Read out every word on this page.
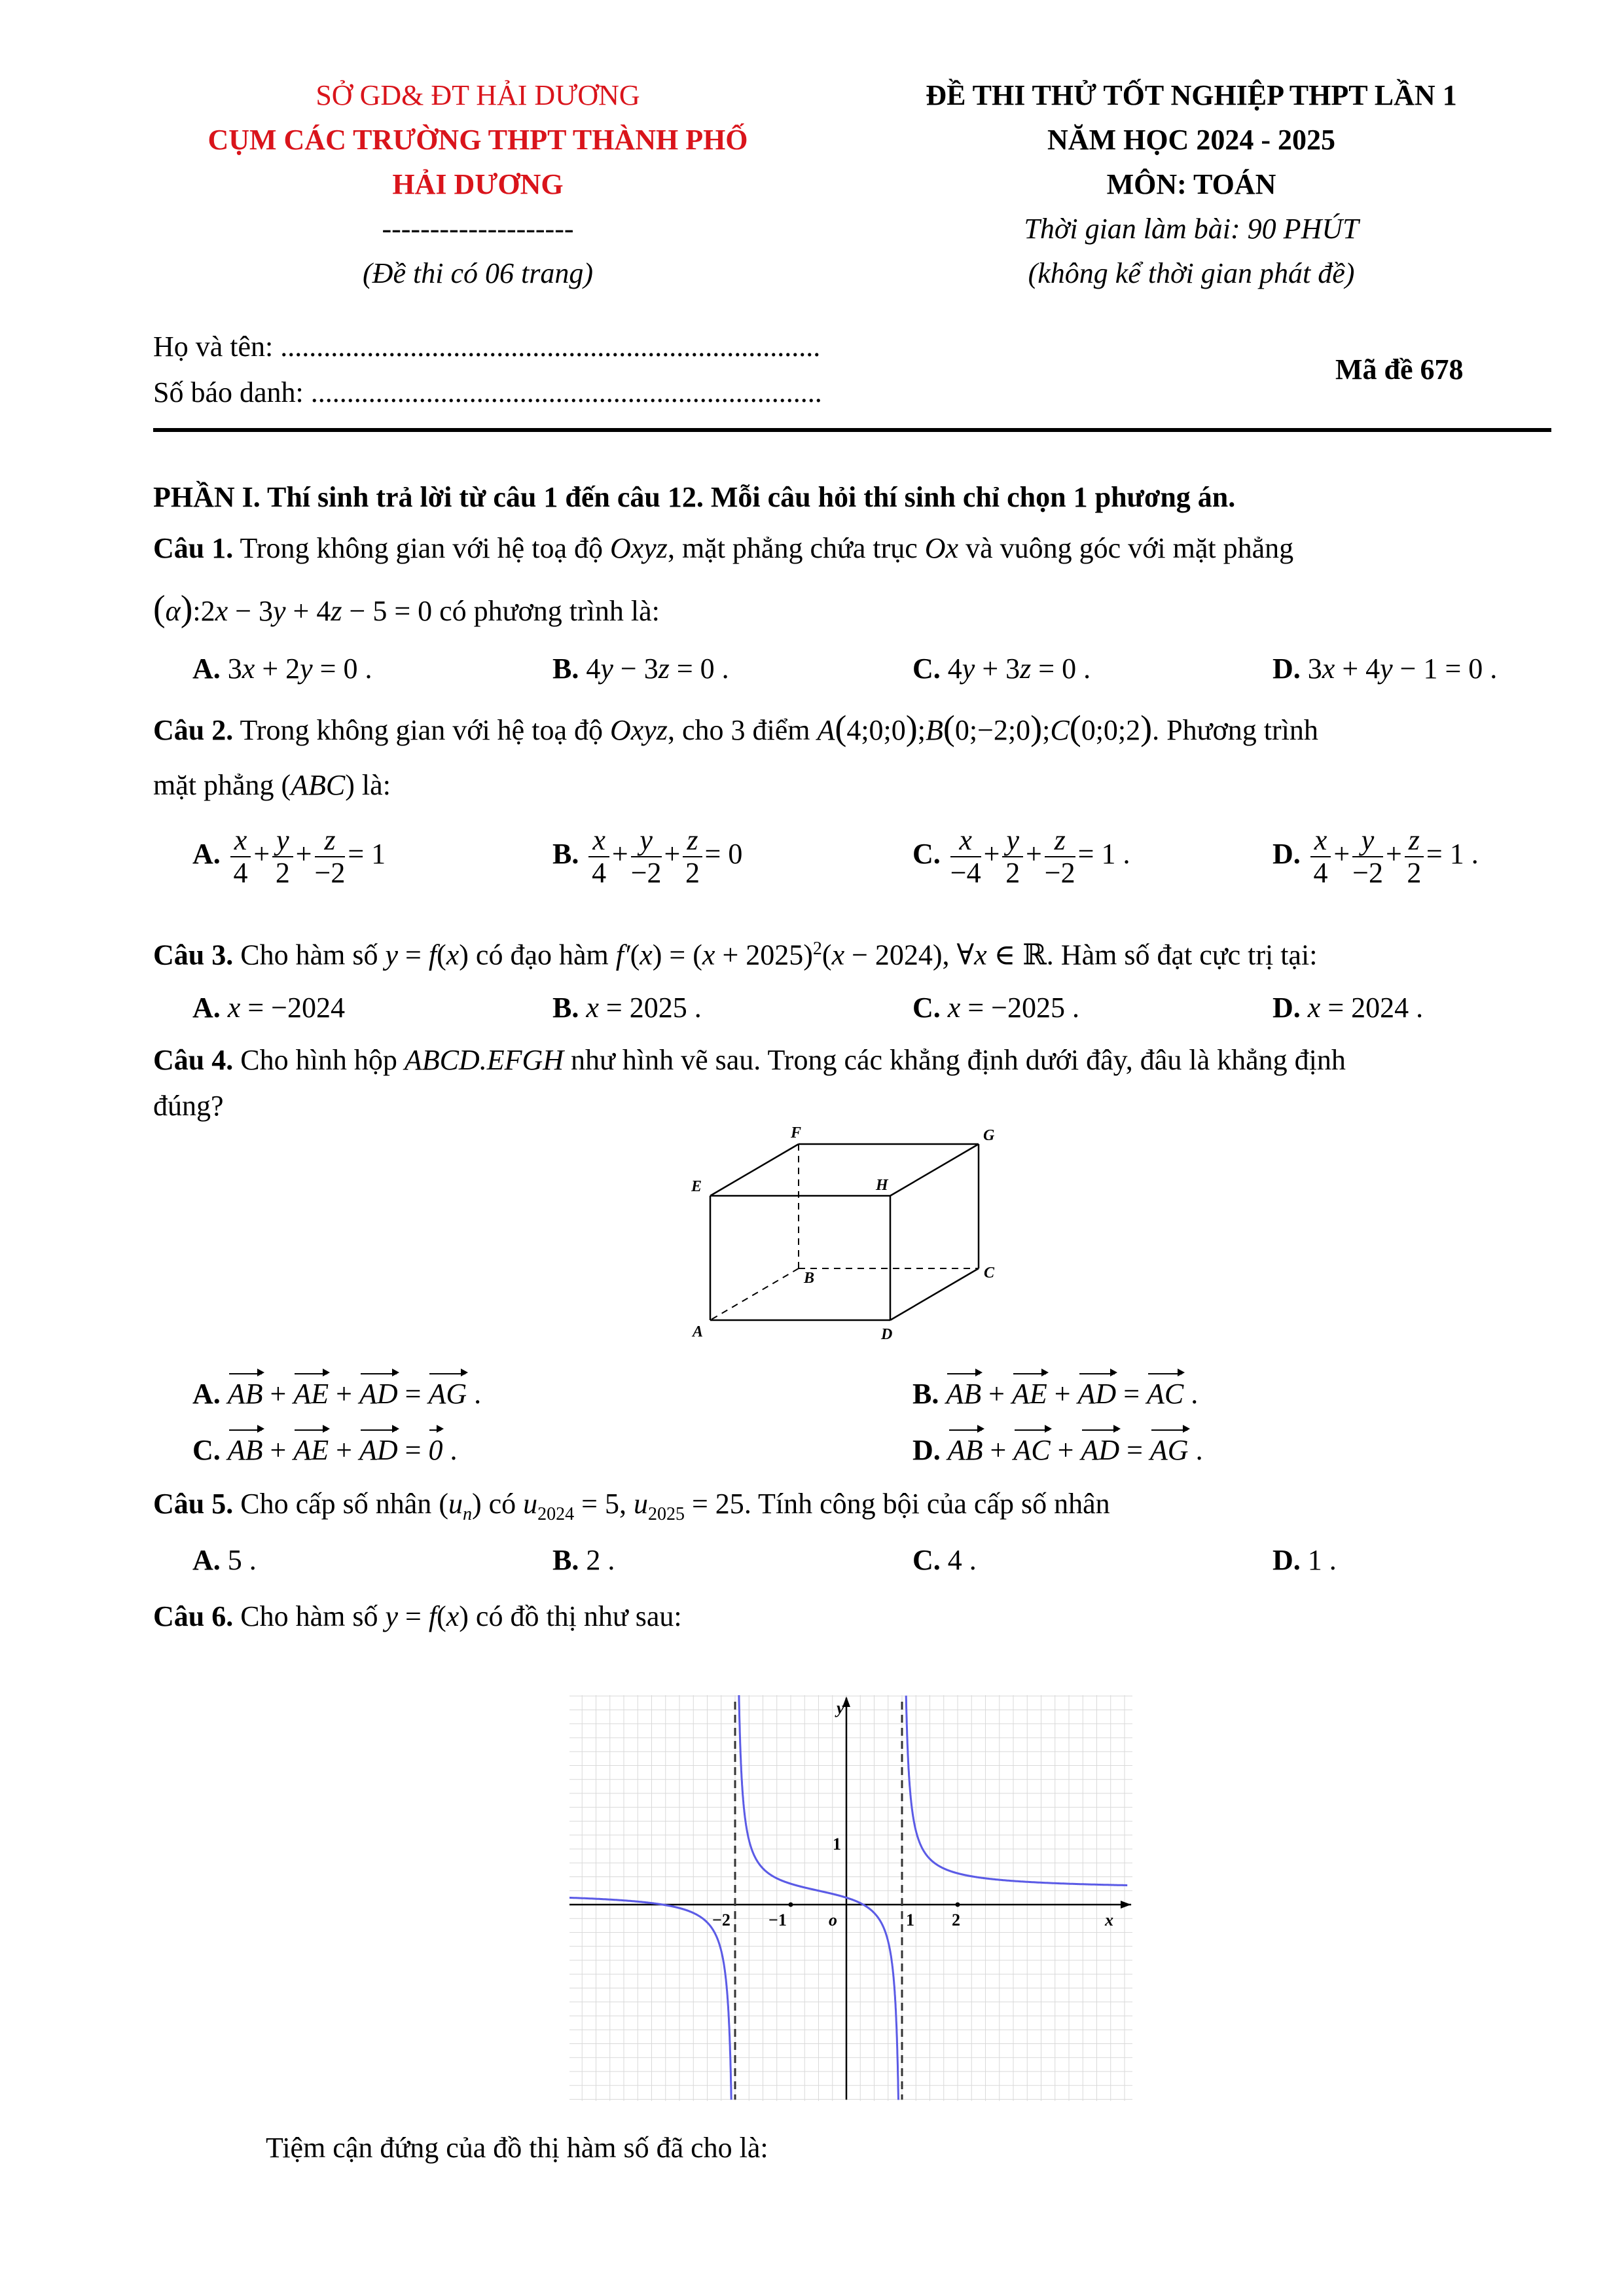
SỞ GD& ĐT HẢI DƯƠNG
CỤM CÁC TRƯỜNG THPT THÀNH PHỐ
HẢI DƯƠNG
--------------------
(Đề thi có 06 trang)
ĐỀ THI THỬ TỐT NGHIỆP THPT LẦN 1
NĂM HỌC 2024 - 2025
MÔN: TOÁN
Thời gian làm bài: 90 PHÚT
(không kể thời gian phát đề)
Họ và tên: ...........................................................................
Số báo danh: .......................................................................
Mã đề 678
PHẦN I. Thí sinh trả lời từ câu 1 đến câu 12. Mỗi câu hỏi thí sinh chỉ chọn 1 phương án.
Câu 1. Trong không gian với hệ toạ độ Oxyz, mặt phẳng chứa trục Ox và vuông góc với mặt phẳng
(α):2x − 3y + 4z − 5 = 0 có phương trình là:
A. 3x + 2y = 0 .	B. 4y − 3z = 0 .	C. 4y + 3z = 0 .	D. 3x + 4y − 1 = 0 .
Câu 2. Trong không gian với hệ toạ độ Oxyz, cho 3 điểm A(4;0;0);B(0;−2;0);C(0;0;2). Phương trình
mặt phẳng (ABC) là:
A. $\frac{x}{4} + \frac{y}{2} + \frac{z}{-2} = 1$	B. $\frac{x}{4} + \frac{y}{-2} + \frac{z}{2} = 0$	C. $\frac{x}{-4} + \frac{y}{2} + \frac{z}{-2} = 1$ .	D. $\frac{x}{4} + \frac{y}{-2} + \frac{z}{2} = 1$ .
Câu 3. Cho hàm số y = f(x) có đạo hàm $f'(x) = (x + 2025)^2(x - 2024)$, ∀x ∈ ℝ. Hàm số đạt cực trị tại:
A. x = −2024	B. x = 2025 .	C. x = −2025 .	D. x = 2024 .
Câu 4. Cho hình hộp ABCD.EFGH như hình vẽ sau. Trong các khẳng định dưới đây, đâu là khẳng định
đúng?
A
B	C
D
E
F	G
H
A. AB + AE + AD = AG .	B. AB + AE + AD = AC .
C. AB + AE + AD = 0 .	D. AB + AC + AD = AG .
Câu 5. Cho cấp số nhân $(u_n)$ có $u_{2024} = 5$, $u_{2025} = 25$. Tính công bội của cấp số nhân
A. 5 .	B. 2 .	C. 4 .	D. 1 .
Câu 6. Cho hàm số y = f(x) có đồ thị như sau:
y
x
o
1
−2 −1	1 2
Tiệm cận đứng của đồ thị hàm số đã cho là:
